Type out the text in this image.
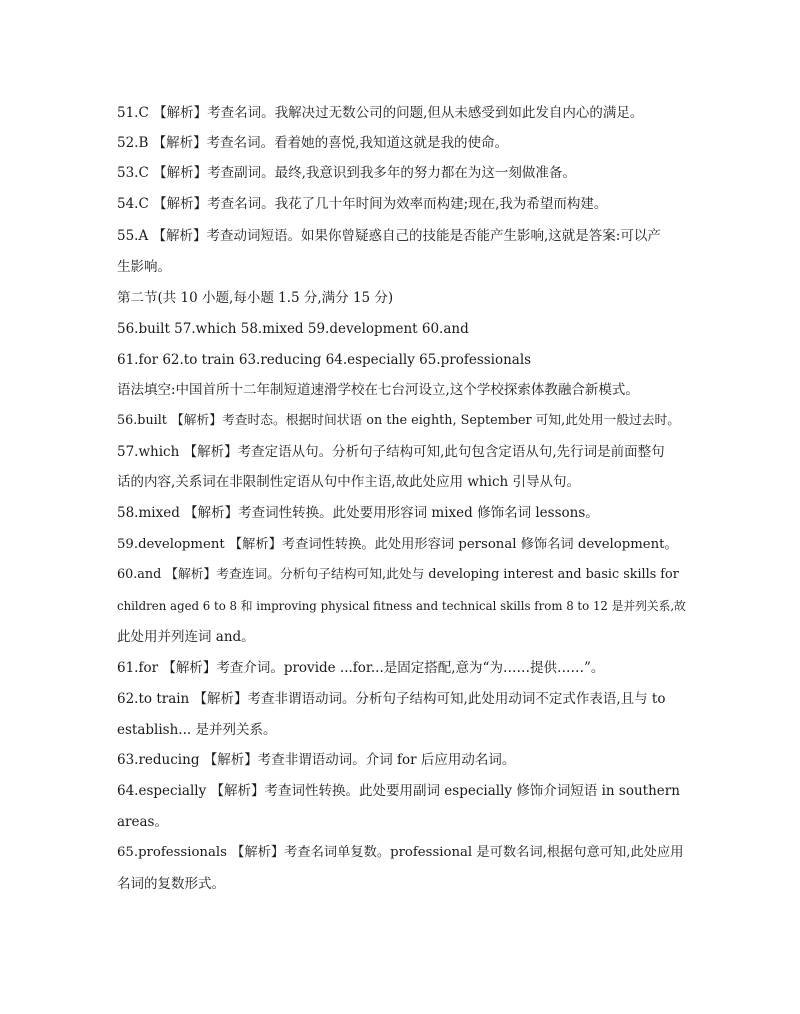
51.C 【解析】考查名词。我解决过无数公司的问题,但从未感受到如此发自内心的满足。
52.B 【解析】考查名词。看着她的喜悦,我知道这就是我的使命。
53.C 【解析】考查副词。最终,我意识到我多年的努力都在为这一刻做准备。
54.C 【解析】考查名词。我花了几十年时间为效率而构建;现在,我为希望而构建。
55.A 【解析】考查动词短语。如果你曾疑惑自己的技能是否能产生影响,这就是答案:可以产
生影响。
第二节(共 10 小题,每小题 1.5 分,满分 15 分)
56.built 57.which 58.mixed 59.development 60.and
61.for 62.to train 63.reducing 64.especially 65.professionals
语法填空:中国首所十二年制短道速滑学校在七台河设立,这个学校探索体教融合新模式。
56.built 【解析】考查时态。根据时间状语 on the eighth, September 可知,此处用一般过去时。
57.which 【解析】考查定语从句。分析句子结构可知,此句包含定语从句,先行词是前面整句
话的内容,关系词在非限制性定语从句中作主语,故此处应用 which 引导从句。
58.mixed 【解析】考查词性转换。此处要用形容词 mixed 修饰名词 lessons。
59.development 【解析】考查词性转换。此处用形容词 personal 修饰名词 development。
60.and 【解析】考查连词。分析句子结构可知,此处与 developing interest and basic skills for
children aged 6 to 8 和 improving physical fitness and technical skills from 8 to 12 是并列关系,故
此处用并列连词 and。
61.for 【解析】考查介词。provide ...for...是固定搭配,意为“为……提供……”。
62.to train 【解析】考查非谓语动词。分析句子结构可知,此处用动词不定式作表语,且与 to
establish... 是并列关系。
63.reducing 【解析】考查非谓语动词。介词 for 后应用动名词。
64.especially 【解析】考查词性转换。此处要用副词 especially 修饰介词短语 in southern
areas。
65.professionals 【解析】考查名词单复数。professional 是可数名词,根据句意可知,此处应用
名词的复数形式。
